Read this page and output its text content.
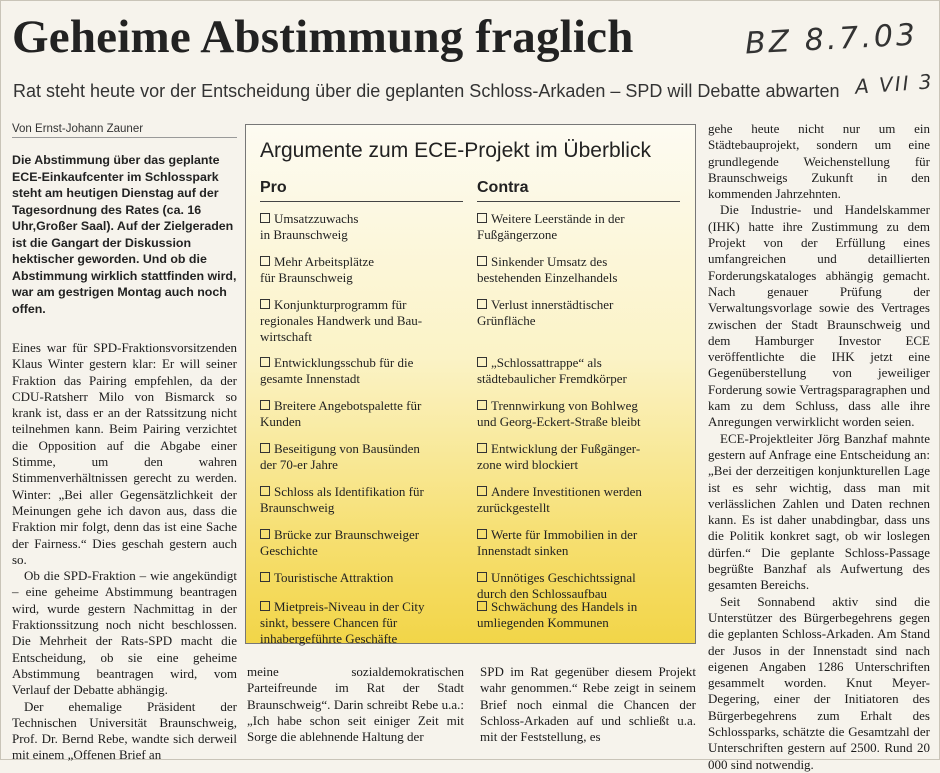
Geheime Abstimmung fraglich	BZ 8.7.03
A VII 3
Rat steht heute vor der Entscheidung über die geplanten Schloss-Arkaden – SPD will Debatte abwarten
Von Ernst-Johann Zauner
Die Abstimmung über das geplante ECE-Einkaufcenter im Schlosspark steht am heutigen Dienstag auf der Tagesordnung des Rates (ca. 16 Uhr,Großer Saal). Auf der Zielgeraden ist die Gangart der Diskussion hektischer geworden. Und ob die Abstimmung wirklich stattfinden wird, war am gestrigen Montag auch noch offen.

Eines war für SPD-Fraktionsvorsitzenden Klaus Winter gestern klar: Er will seiner Fraktion das Pairing empfehlen, da der CDU-Ratsherr Milo von Bismarck so krank ist, dass er an der Ratssitzung nicht teilnehmen kann. Beim Pairing verzichtet die Opposition auf die Abgabe einer Stimme, um den wahren Stimmenverhältnissen gerecht zu werden. Winter: „Bei aller Gegensätzlichkeit der Meinungen gehe ich davon aus, dass die Fraktion mir folgt, denn das ist eine Sache der Fairness.“ Dies geschah gestern auch so.

Ob die SPD-Fraktion – wie angekündigt – eine geheime Abstimmung beantragen wird, wurde gestern Nachmittag in der Fraktionssitzung noch nicht beschlossen. Die Mehrheit der Rats-SPD macht die Entscheidung, ob sie eine geheime Abstimmung beantragen wird, vom Verlauf der Debatte abhängig.

Der ehemalige Präsident der Technischen Universität Braunschweig, Prof. Dr. Bernd Rebe, wandte sich derweil mit einem „Offenen Brief an

Argumente zum ECE-Projekt im Überblick
Pro	Contra
Umsatzzuwachs
in Braunschweig
Mehr Arbeitsplätze
für Braunschweig
Konjunkturprogramm für
regionales Handwerk und Bau-
wirtschaft
Entwicklungsschub für die
gesamte Innenstadt
Breitere Angebotspalette für
Kunden
Beseitigung von Bausünden
der 70-er Jahre
Schloss als Identifikation für
Braunschweig
Brücke zur Braunschweiger
Geschichte
Touristische Attraktion
Mietpreis-Niveau in der City
sinkt, bessere Chancen für
inhabergeführte Geschäfte
Weitere Leerstände in der
Fußgängerzone
Sinkender Umsatz des
bestehenden Einzelhandels
Verlust innerstädtischer
Grünfläche
„Schlossattrappe“ als
städtebaulicher Fremdkörper
Trennwirkung von Bohlweg
und Georg-Eckert-Straße bleibt
Entwicklung der Fußgänger-
zone wird blockiert
Andere Investitionen werden
zurückgestellt
Werte für Immobilien in der
Innenstadt sinken
Unnötiges Geschichtssignal
durch den Schlossaufbau
Schwächung des Handels in
umliegenden Kommunen

meine sozialdemokratischen Parteifreunde im Rat der Stadt Braunschweig“. Darin schreibt Rebe u.a.: „Ich habe schon seit einiger Zeit mit Sorge die ablehnende Haltung der

SPD im Rat gegenüber diesem Projekt wahr genommen.“ Rebe zeigt in seinem Brief noch einmal die Chancen der Schloss-Arkaden auf und schließt u.a. mit der Feststellung, es

gehe heute nicht nur um ein Städtebauprojekt, sondern um eine grundlegende Weichenstellung für Braunschweigs Zukunft in den kommenden Jahrzehnten.

Die Industrie- und Handelskammer (IHK) hatte ihre Zustimmung zu dem Projekt von der Erfüllung eines umfangreichen und detaillierten Forderungskataloges abhängig gemacht. Nach genauer Prüfung der Verwaltungsvorlage sowie des Vertrages zwischen der Stadt Braunschweig und dem Hamburger Investor ECE veröffentlichte die IHK jetzt eine Gegenüberstellung von jeweiliger Forderung sowie Vertragsparagraphen und kam zu dem Schluss, dass alle ihre Anregungen verwirklicht worden seien.

ECE-Projektleiter Jörg Banzhaf mahnte gestern auf Anfrage eine Entscheidung an: „Bei der derzeitigen konjunkturellen Lage ist es sehr wichtig, dass man mit verlässlichen Zahlen und Daten rechnen kann. Es ist daher unabdingbar, dass uns die Politik konkret sagt, ob wir loslegen dürfen.“ Die geplante Schloss-Passage begrüßte Banzhaf als Aufwertung des gesamten Bereichs.

Seit Sonnabend aktiv sind die Unterstützer des Bürgerbegehrens gegen die geplanten Schloss-Arkaden. Am Stand der Jusos in der Innenstadt sind nach eigenen Angaben 1286 Unterschriften gesammelt worden. Knut Meyer-Degering, einer der Initiatoren des Bürgerbegehrens zum Erhalt des Schlossparks, schätzte die Gesamtzahl der Unterschriften gestern auf 2500. Rund 20 000 sind notwendig.
